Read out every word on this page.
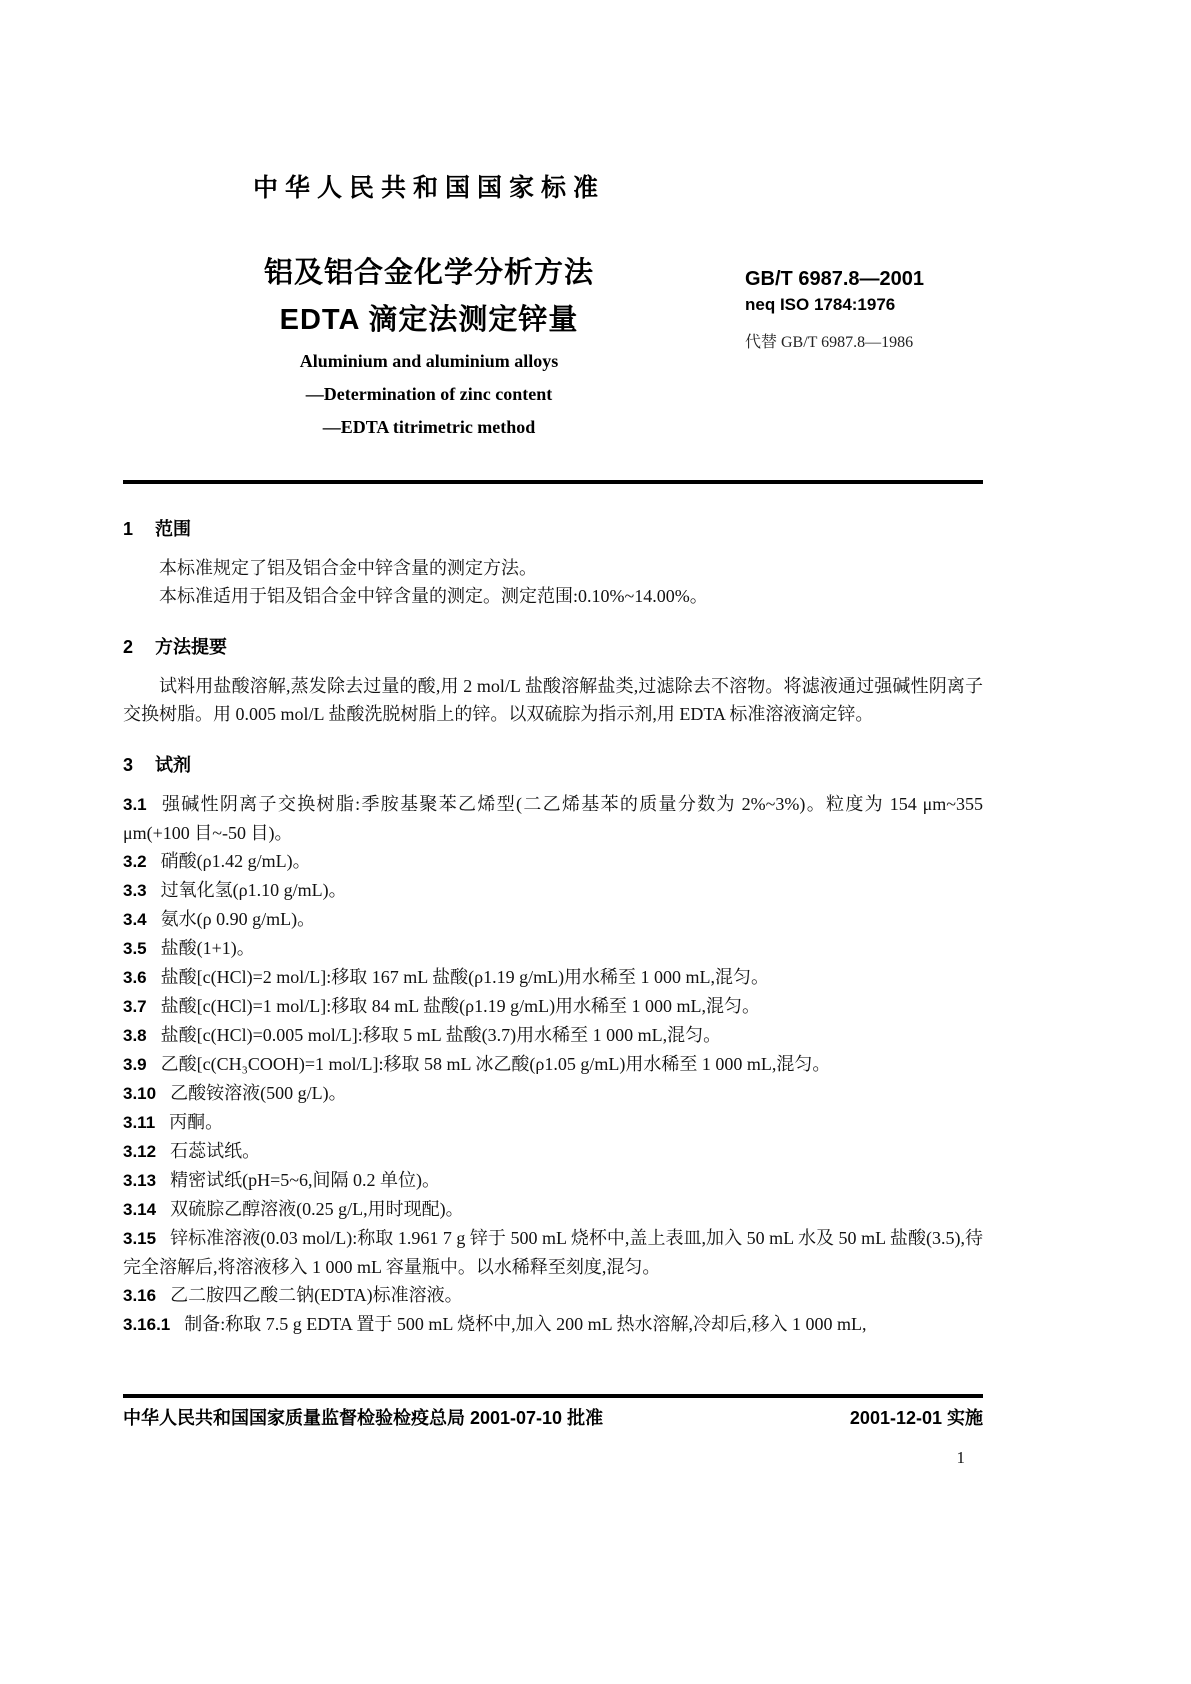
中华人民共和国国家标准
铝及铝合金化学分析方法
EDTA 滴定法测定锌量
GB/T 6987.8—2001
neq ISO 1784:1976
代替 GB/T 6987.8—1986
Aluminium and aluminium alloys
—Determination of zinc content
—EDTA titrimetric method
1 范围

本标准规定了铝及铝合金中锌含量的测定方法。

本标准适用于铝及铝合金中锌含量的测定。测定范围:0.10%~14.00%。

2 方法提要

试料用盐酸溶解,蒸发除去过量的酸,用 2 mol/L 盐酸溶解盐类,过滤除去不溶物。将滤液通过强碱性阴离子交换树脂。用 0.005 mol/L 盐酸洗脱树脂上的锌。以双硫腙为指示剂,用 EDTA 标准溶液滴定锌。

3 试剂

3.1 强碱性阴离子交换树脂:季胺基聚苯乙烯型(二乙烯基苯的质量分数为 2%~3%)。粒度为 154 μm~355 μm(+100 目~-50 目)。

3.2 硝酸(ρ1.42 g/mL)。

3.3 过氧化氢(ρ1.10 g/mL)。

3.4 氨水(ρ 0.90 g/mL)。

3.5 盐酸(1+1)。

3.6 盐酸[c(HCl)=2 mol/L]:移取 167 mL 盐酸(ρ1.19 g/mL)用水稀至 1 000 mL,混匀。

3.7 盐酸[c(HCl)=1 mol/L]:移取 84 mL 盐酸(ρ1.19 g/mL)用水稀至 1 000 mL,混匀。

3.8 盐酸[c(HCl)=0.005 mol/L]:移取 5 mL 盐酸(3.7)用水稀至 1 000 mL,混匀。

3.9 乙酸[c(CH₃COOH)=1 mol/L]:移取 58 mL 冰乙酸(ρ1.05 g/mL)用水稀至 1 000 mL,混匀。

3.10 乙酸铵溶液(500 g/L)。

3.11 丙酮。

3.12 石蕊试纸。

3.13 精密试纸(pH=5~6,间隔 0.2 单位)。

3.14 双硫腙乙醇溶液(0.25 g/L,用时现配)。

3.15 锌标准溶液(0.03 mol/L):称取 1.961 7 g 锌于 500 mL 烧杯中,盖上表皿,加入 50 mL 水及 50 mL 盐酸(3.5),待完全溶解后,将溶液移入 1 000 mL 容量瓶中。以水稀释至刻度,混匀。

3.16 乙二胺四乙酸二钠(EDTA)标准溶液。

3.16.1 制备:称取 7.5 g EDTA 置于 500 mL 烧杯中,加入 200 mL 热水溶解,冷却后,移入 1 000 mL,

中华人民共和国国家质量监督检验检疫总局 2001-07-10 批准	2001-12-01 实施
1
